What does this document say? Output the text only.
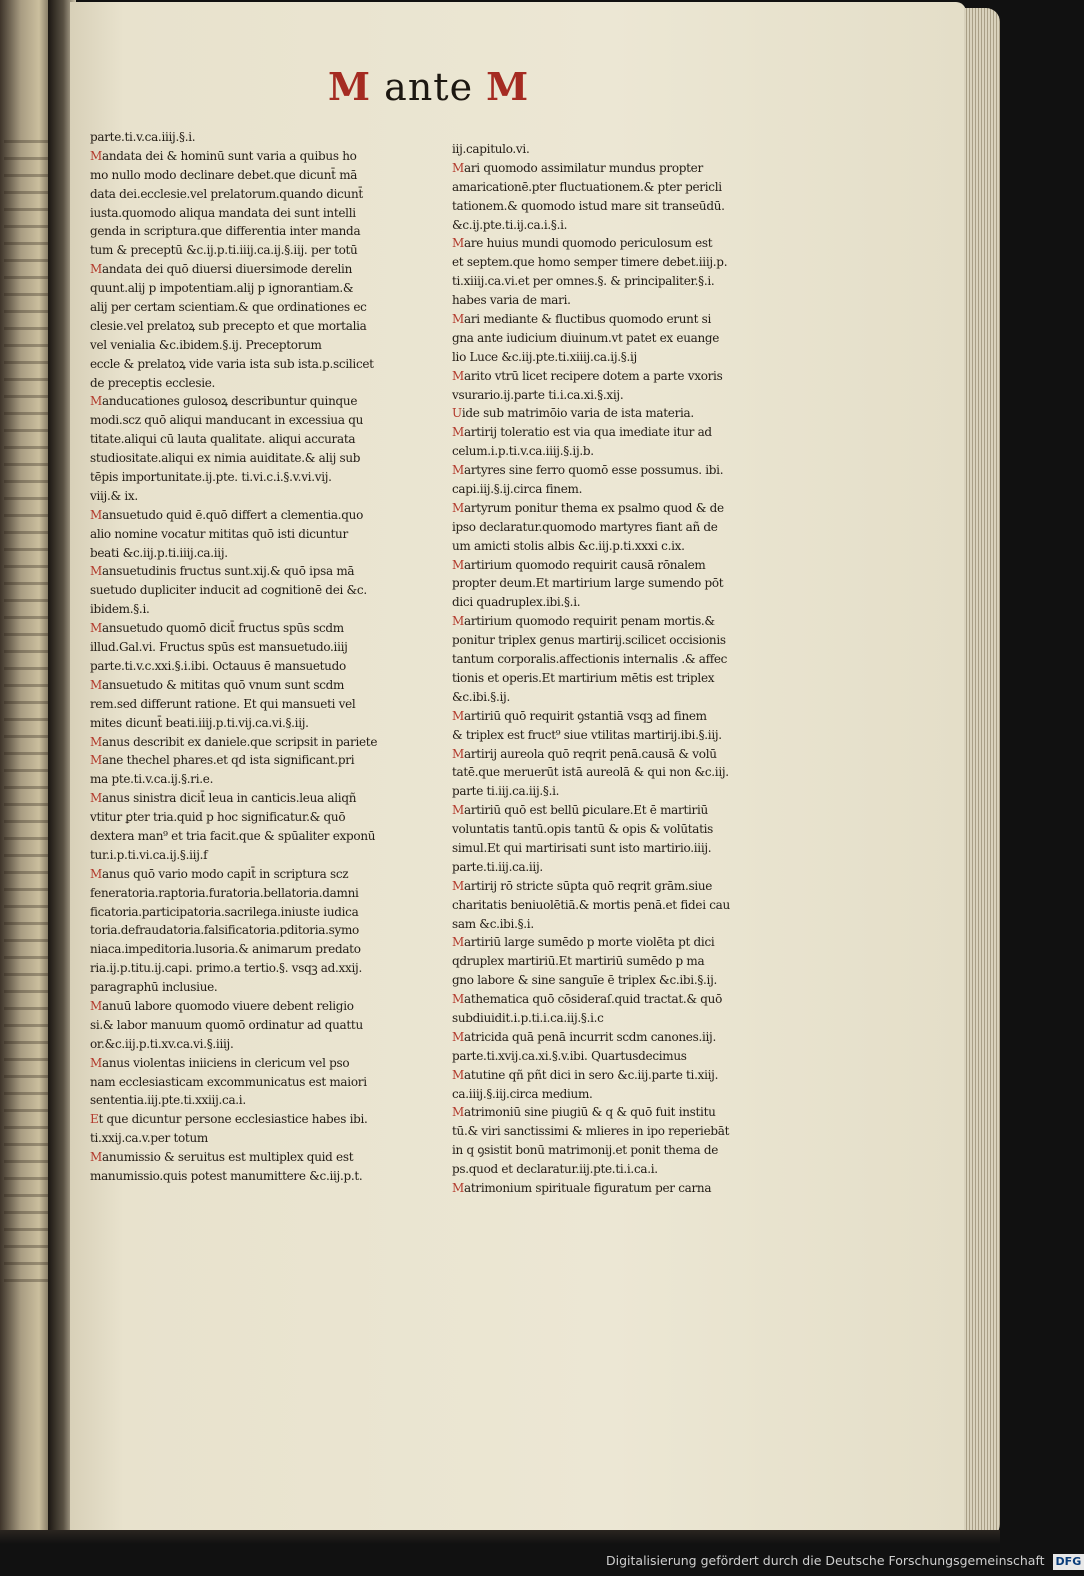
M ante M
parte.ti.v.ca.iiij.§.i.
Mandata dei & hominū sunt varia a quibus ho
mo nullo modo declinare debet.que dicunt̄ mā
data dei.ecclesie.vel prelatorum.quando dicunt̄
iusta.quomodo aliqua mandata dei sunt intelli
genda in scriptura.que differentia inter manda
tum & preceptū &c.ij.p.ti.iiij.ca.ij.§.iij. per totū
Mandata dei quō diuersi diuersimode derelin
quunt.alij p impotentiam.alij p ignorantiam.&
alij per certam scientiam.& que ordinationes ec
clesie.vel prelatoꝝ sub precepto et que mortalia
vel venialia &c.ibidem.§.ij. Preceptorum
eccle & prelatoꝝ vide varia ista sub ista.p.scilicet
de preceptis ecclesie.
Manducationes gulosoꝝ describuntur quinque
modi.scz quō aliqui manducant in excessiua qu
titate.aliqui cū lauta qualitate. aliqui accurata
studiositate.aliqui ex nimia auiditate.& alij sub
tēpis importunitate.ij.pte. ti.vi.c.i.§.v.vi.vij.
viij.& ix.
Mansuetudo quid ē.quō differt a clementia.quo
alio nomine vocatur mititas quō isti dicuntur
beati &c.iij.p.ti.iiij.ca.iij.
Mansuetudinis fructus sunt.xij.& quō ipsa mā
suetudo dupliciter inducit ad cognitionē dei &c.
ibidem.§.i.
Mansuetudo quomō dicit̄ fructus spūs scdm
illud.Gal.vi. Fructus spūs est mansuetudo.iiij
parte.ti.v.c.xxi.§.i.ibi. Octauus ē mansuetudo
Mansuetudo & mititas quō vnum sunt scdm
rem.sed differunt ratione. Et qui mansueti vel
mites dicunt̄ beati.iiij.p.ti.vij.ca.vi.§.iij.
Manus describit ex daniele.que scripsit in pariete
Mane thechel phares.et qd ista significant.pri
ma pte.ti.v.ca.ij.§.ri.e.
Manus sinistra dicit̄ leua in canticis.leua aliqñ
vtitur ꝑter tria.quid p hoc significatur.& quō
dextera man⁹ et tria facit.que & spūaliter exponū
tur.i.p.ti.vi.ca.ij.§.iij.f
Manus quō vario modo capit̄ in scriptura scz
feneratoria.raptoria.furatoria.bellatoria.damni
ficatoria.participatoria.sacrilega.iniuste iudica
toria.defraudatoria.falsificatoria.pditoria.symo
niaca.impeditoria.lusoria.& animarum predato
ria.ij.p.titu.ij.capi. primo.a tertio.§. vsqꝫ ad.xxij.
paragraphū inclusiue.
Manuū labore quomodo viuere debent religio
si.& labor manuum quomō ordinatur ad quattu
or.&c.iij.p.ti.xv.ca.vi.§.iiij.
Manus violentas iniiciens in clericum vel pso
nam ecclesiasticam excommunicatus est maiori
sententia.iij.pte.ti.xxiij.ca.i.
Et que dicuntur persone ecclesiastice habes ibi.
ti.xxij.ca.v.per totum
Manumissio & seruitus est multiplex quid est
manumissio.quis potest manumittere &c.iij.p.t.
iij.capitulo.vi.
Mari quomodo assimilatur mundus propter
amaricationē.pter fluctuationem.& pter pericli
tationem.& quomodo istud mare sit transeūdū.
&c.ij.pte.ti.ij.ca.i.§.i.
Mare huius mundi quomodo periculosum est
et septem.que homo semper timere debet.iiij.p.
ti.xiiij.ca.vi.et per omnes.§. & principaliter.§.i.
habes varia de mari.
Mari mediante & fluctibus quomodo erunt si
gna ante iudicium diuinum.vt patet ex euange
lio Luce &c.iij.pte.ti.xiiij.ca.ij.§.ij
Marito vtrū licet recipere dotem a parte vxoris
vsurario.ij.parte ti.i.ca.xi.§.xij.
Uide sub matrimōio varia de ista materia.
Martirij toleratio est via qua imediate itur ad
celum.i.p.ti.v.ca.iiij.§.ij.b.
Martyres sine ferro quomō esse possumus. ibi.
capi.iij.§.ij.circa finem.
Martyrum ponitur thema ex psalmo quod & de
ipso declaratur.quomodo martyres fiant añ de
um amicti stolis albis &c.iij.p.ti.xxxi c.ix.
Martirium quomodo requirit causā rōnalem
propter deum.Et martirium large sumendo pōt
dici quadruplex.ibi.§.i.
Martirium quomodo requirit penam mortis.&
ponitur triplex genus martirij.scilicet occisionis
tantum corporalis.affectionis internalis .& affec
tionis et operis.Et martirium mētis est triplex
&c.ibi.§.ij.
Martiriū quō requirit ꝯstantiā vsqꝫ ad finem
& triplex est fruct⁹ siue vtilitas martirij.ibi.§.iij.
Martirij aureola quō reqrit penā.causā & volū
tatē.que meruerūt istā aureolā & qui non &c.iij.
parte ti.iij.ca.iij.§.i.
Martiriū quō est bellū ꝑiculare.Et ē martiriū
voluntatis tantū.opis tantū & opis & volūtatis
simul.Et qui martirisati sunt isto martirio.iiij.
parte.ti.iij.ca.iij.
Martirij rō stricte sūpta quō reqrit grām.siue
charitatis beniuolētiā.& mortis penā.et fidei cau
sam &c.ibi.§.i.
Martiriū large sumēdo p morte violēta pt dici
qdruplex martiriū.Et martiriū sumēdo p ma
gno labore & sine sanguīe ē triplex &c.ibi.§.ij.
Mathematica quō cōsideraſ.quid tractat.& quō
subdiuidit.i.p.ti.i.ca.iij.§.i.c
Matricida quā penā incurrit scdm canones.iij.
parte.ti.xvij.ca.xi.§.v.ibi. Quartusdecimus
Matutine qñ pñt dici in sero &c.iij.parte ti.xiij.
ca.iiij.§.iij.circa medium.
Matrimoniū sine piugiū & q & quō fuit institu
tū.& viri sanctissimi & mlieres in ipo reperiebāt
in q ꝯsistit bonū matrimonij.et ponit thema de
ps.quod et declaratur.iij.pte.ti.i.ca.i.
Matrimonium spirituale figuratum per carna
Digitalisierung gefördert durch die Deutsche Forschungsgemeinschaft DFG
